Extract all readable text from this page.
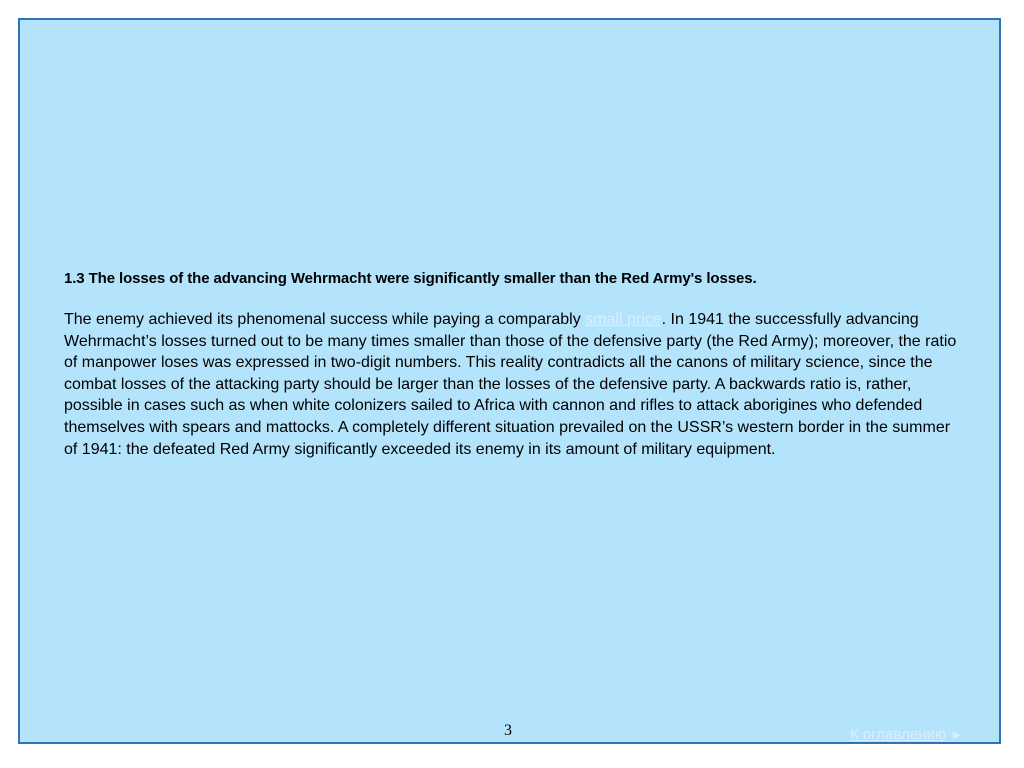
1.3 The losses of the advancing Wehrmacht were significantly smaller than the Red Army's losses.

The enemy achieved its phenomenal success while paying a comparably small price. In 1941 the successfully advancing Wehrmacht’s losses turned out to be many times smaller than those of the defensive party (the Red Army); moreover, the ratio of manpower loses was expressed in two-digit numbers. This reality contradicts all the canons of military science, since the combat losses of the attacking party should be larger than the losses of the defensive party. A backwards ratio is, rather, possible in cases such as when white colonizers sailed to Africa with cannon and rifles to attack aborigines who defended themselves with spears and mattocks. A completely different situation prevailed on the USSR’s western border in the summer of 1941: the defeated Red Army significantly exceeded its enemy in its amount of military equipment.

3	К оглавлению ►
